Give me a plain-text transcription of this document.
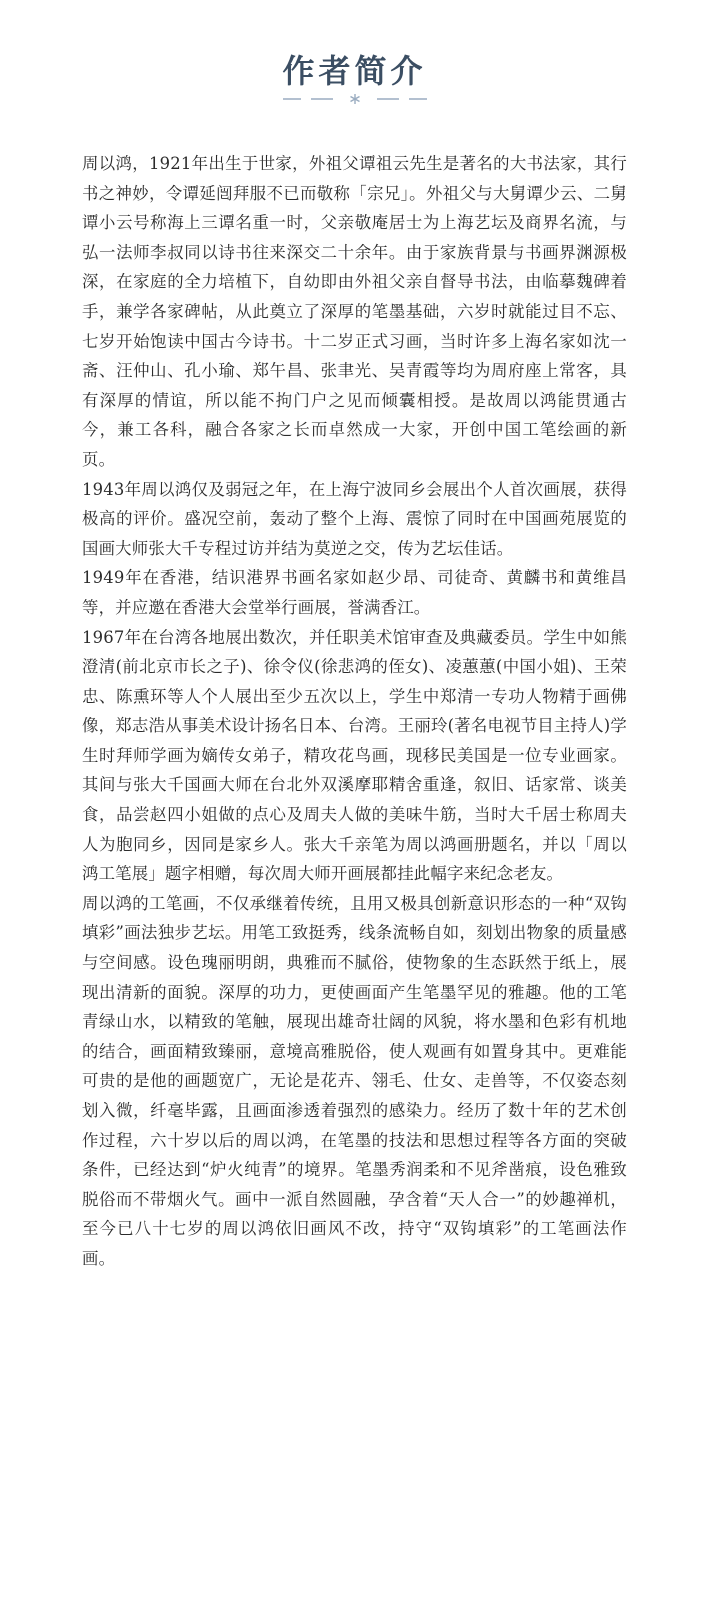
作者简介

周以鸿，1921年出生于世家，外祖父谭祖云先生是著名的大书法家，其行书之神妙，令谭延闿拜服不已而敬称「宗兄」。外祖父与大舅谭少云、二舅谭小云号称海上三谭名重一时，父亲敬庵居士为上海艺坛及商界名流，与弘一法师李叔同以诗书往来深交二十余年。由于家族背景与书画界渊源极深，在家庭的全力培植下，自幼即由外祖父亲自督导书法，由临摹魏碑着手，兼学各家碑帖，从此奠立了深厚的笔墨基础，六岁时就能过目不忘、七岁开始饱读中国古今诗书。十二岁正式习画，当时许多上海名家如沈一斋、汪仲山、孔小瑜、郑午昌、张聿光、吴青霞等均为周府座上常客，具有深厚的情谊，所以能不拘门户之见而倾囊相授。是故周以鸿能贯通古今，兼工各科，融合各家之长而卓然成一大家，开创中国工笔绘画的新页。

1943年周以鸿仅及弱冠之年，在上海宁波同乡会展出个人首次画展，获得极高的评价。盛况空前，轰动了整个上海、震惊了同时在中国画苑展览的国画大师张大千专程过访并结为莫逆之交，传为艺坛佳话。

1949年在香港，结识港界书画名家如赵少昂、司徒奇、黄麟书和黄维昌等，并应邀在香港大会堂举行画展，誉满香江。

1967年在台湾各地展出数次，并任职美术馆审查及典藏委员。学生中如熊澄清(前北京市长之子)、徐令仪(徐悲鸿的侄女)、凌蕙蕙(中国小姐)、王荣忠、陈熏环等人个人展出至少五次以上，学生中郑清一专功人物精于画佛像，郑志浩从事美术设计扬名日本、台湾。王丽玲(著名电视节目主持人)学生时拜师学画为嫡传女弟子，精攻花鸟画，现移民美国是一位专业画家。其间与张大千国画大师在台北外双溪摩耶精舍重逢，叙旧、话家常、谈美食，品尝赵四小姐做的点心及周夫人做的美味牛筋，当时大千居士称周夫人为胞同乡，因同是家乡人。张大千亲笔为周以鸿画册题名，并以「周以鸿工笔展」题字相赠，每次周大师开画展都挂此幅字来纪念老友。

周以鸿的工笔画，不仅承继着传统，且用又极具创新意识形态的一种“双钩填彩”画法独步艺坛。用笔工致挺秀，线条流畅自如，刻划出物象的质量感与空间感。设色瑰丽明朗，典雅而不腻俗，使物象的生态跃然于纸上，展现出清新的面貌。深厚的功力，更使画面产生笔墨罕见的雅趣。他的工笔青绿山水，以精致的笔触，展现出雄奇壮阔的风貌，将水墨和色彩有机地的结合，画面精致臻丽，意境高雅脱俗，使人观画有如置身其中。更难能可贵的是他的画题宽广，无论是花卉、翎毛、仕女、走兽等，不仅姿态刻划入微，纤毫毕露，且画面渗透着强烈的感染力。经历了数十年的艺术创作过程，六十岁以后的周以鸿，在笔墨的技法和思想过程等各方面的突破条件，已经达到“炉火纯青”的境界。笔墨秀润柔和不见斧凿痕，设色雅致脱俗而不带烟火气。画中一派自然圆融，孕含着“天人合一”的妙趣禅机，至今已八十七岁的周以鸿依旧画风不改，持守“双钩填彩”的工笔画法作画。
